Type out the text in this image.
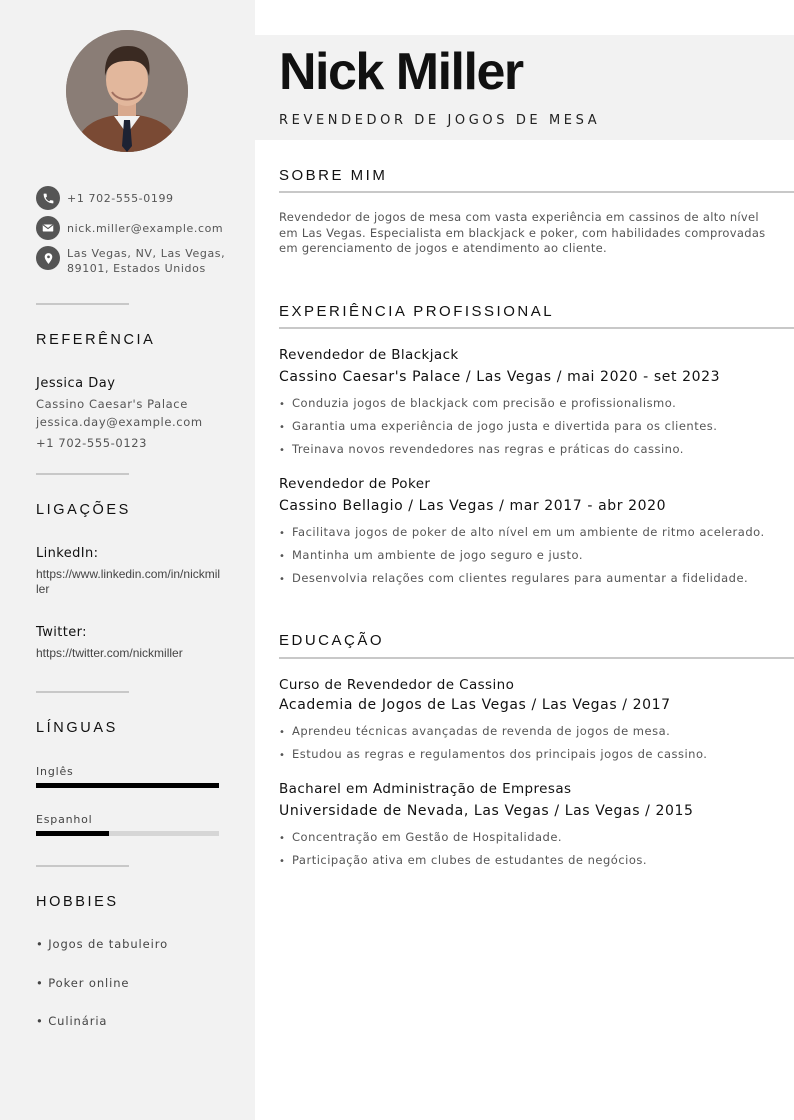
+1 702-555-0199
nick.miller@example.com
Las Vegas, NV, Las Vegas,
89101, Estados Unidos
REFERÊNCIA
Jessica Day
Cassino Caesar's Palace
jessica.day@example.com
+1 702-555-0123
LIGAÇÕES
LinkedIn:
https://www.linkedin.com/in/nickmiller
Twitter:
https://twitter.com/nickmiller
LÍNGUAS
Inglês
Espanhol
HOBBIES
• Jogos de tabuleiro
• Poker online
• Culinária
Nick Miller
REVENDEDOR DE JOGOS DE MESA
SOBRE MIM
Revendedor de jogos de mesa com vasta experiência em cassinos de alto nível em Las Vegas. Especialista em blackjack e poker, com habilidades comprovadas em gerenciamento de jogos e atendimento ao cliente.
EXPERIÊNCIA PROFISSIONAL
Revendedor de Blackjack
Cassino Caesar's Palace / Las Vegas / mai 2020 - set 2023
• Conduzia jogos de blackjack com precisão e profissionalismo.
• Garantia uma experiência de jogo justa e divertida para os clientes.
• Treinava novos revendedores nas regras e práticas do cassino.
Revendedor de Poker
Cassino Bellagio / Las Vegas / mar 2017 - abr 2020
• Facilitava jogos de poker de alto nível em um ambiente de ritmo acelerado.
• Mantinha um ambiente de jogo seguro e justo.
• Desenvolvia relações com clientes regulares para aumentar a fidelidade.
EDUCAÇÃO
Curso de Revendedor de Cassino
Academia de Jogos de Las Vegas / Las Vegas / 2017
• Aprendeu técnicas avançadas de revenda de jogos de mesa.
• Estudou as regras e regulamentos dos principais jogos de cassino.
Bacharel em Administração de Empresas
Universidade de Nevada, Las Vegas / Las Vegas / 2015
• Concentração em Gestão de Hospitalidade.
• Participação ativa em clubes de estudantes de negócios.
